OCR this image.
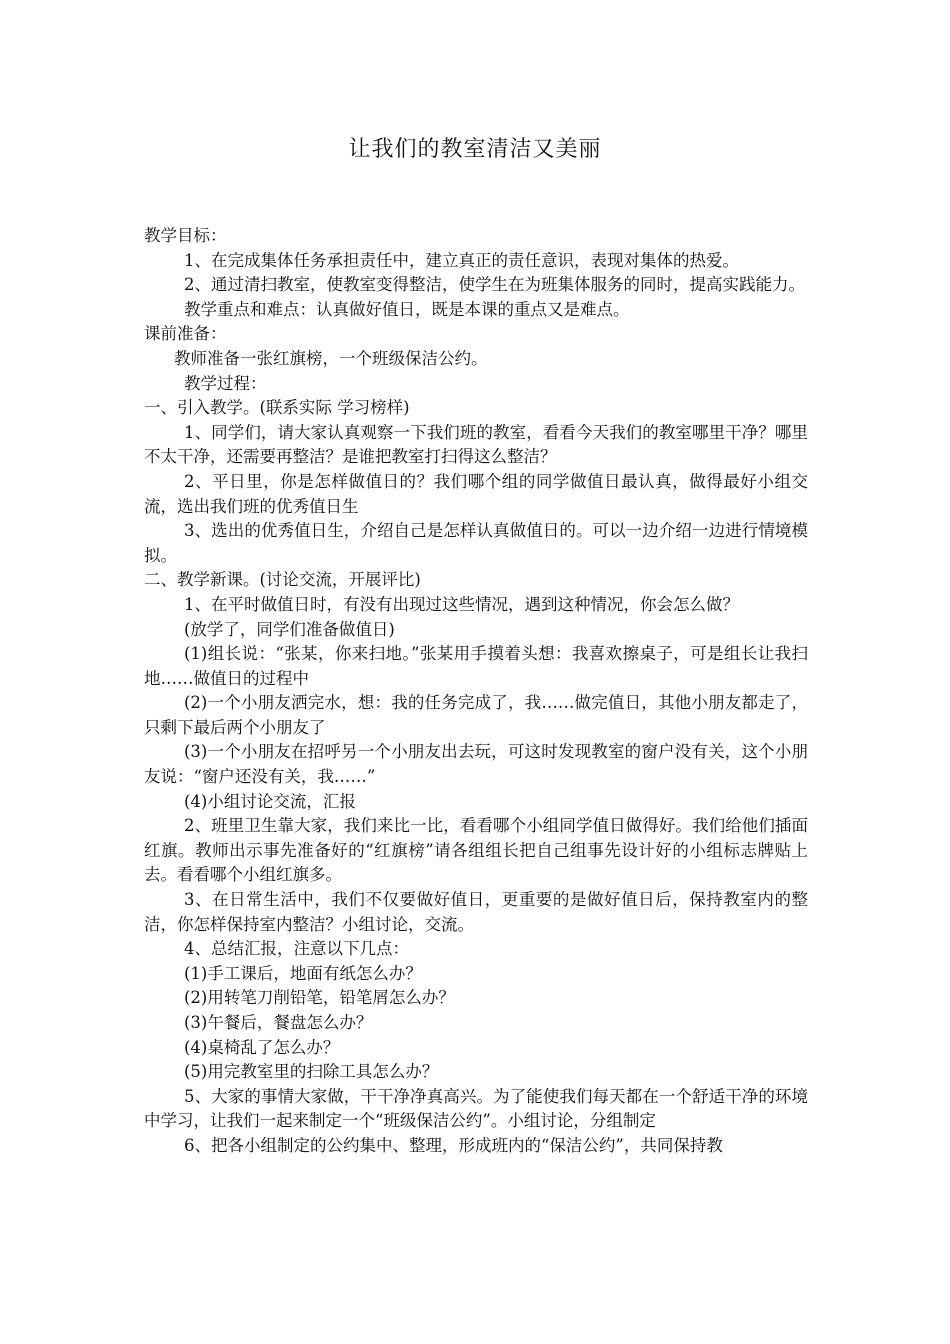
让我们的教室清洁又美丽

教学目标：

1、在完成集体任务承担责任中，建立真正的责任意识，表现对集体的热爱。

2、通过清扫教室，使教室变得整洁，使学生在为班集体服务的同时，提高实践能力。

教学重点和难点：认真做好值日，既是本课的重点又是难点。

课前准备：

教师准备一张红旗榜，一个班级保洁公约。

教学过程：

一、引入教学。(联系实际 学习榜样)

1、同学们，请大家认真观察一下我们班的教室，看看今天我们的教室哪里干净？哪里不太干净，还需要再整洁？是谁把教室打扫得这么整洁？

2、平日里，你是怎样做值日的？我们哪个组的同学做值日最认真，做得最好小组交流，选出我们班的优秀值日生

3、选出的优秀值日生，介绍自己是怎样认真做值日的。可以一边介绍一边进行情境模拟。

二、教学新课。(讨论交流，开展评比)

1、在平时做值日时，有没有出现过这些情况，遇到这种情况，你会怎么做？

(放学了，同学们准备做值日)

(1)组长说：“张某，你来扫地。”张某用手摸着头想：我喜欢擦桌子，可是组长让我扫地……做值日的过程中

(2)一个小朋友洒完水，想：我的任务完成了，我……做完值日，其他小朋友都走了，只剩下最后两个小朋友了

(3)一个小朋友在招呼另一个小朋友出去玩，可这时发现教室的窗户没有关，这个小朋友说：“窗户还没有关，我……”

(4)小组讨论交流，汇报

2、班里卫生靠大家，我们来比一比，看看哪个小组同学值日做得好。我们给他们插面红旗。教师出示事先准备好的“红旗榜”请各组组长把自己组事先设计好的小组标志牌贴上去。看看哪个小组红旗多。

3、在日常生活中，我们不仅要做好值日，更重要的是做好值日后，保持教室内的整洁，你怎样保持室内整洁？小组讨论，交流。

4、总结汇报，注意以下几点：

(1)手工课后，地面有纸怎么办？

(2)用转笔刀削铅笔，铅笔屑怎么办？

(3)午餐后，餐盘怎么办？

(4)桌椅乱了怎么办？

(5)用完教室里的扫除工具怎么办？

5、大家的事情大家做，干干净净真高兴。为了能使我们每天都在一个舒适干净的环境中学习，让我们一起来制定一个“班级保洁公约”。小组讨论，分组制定

6、把各小组制定的公约集中、整理，形成班内的“保洁公约”，共同保持教
